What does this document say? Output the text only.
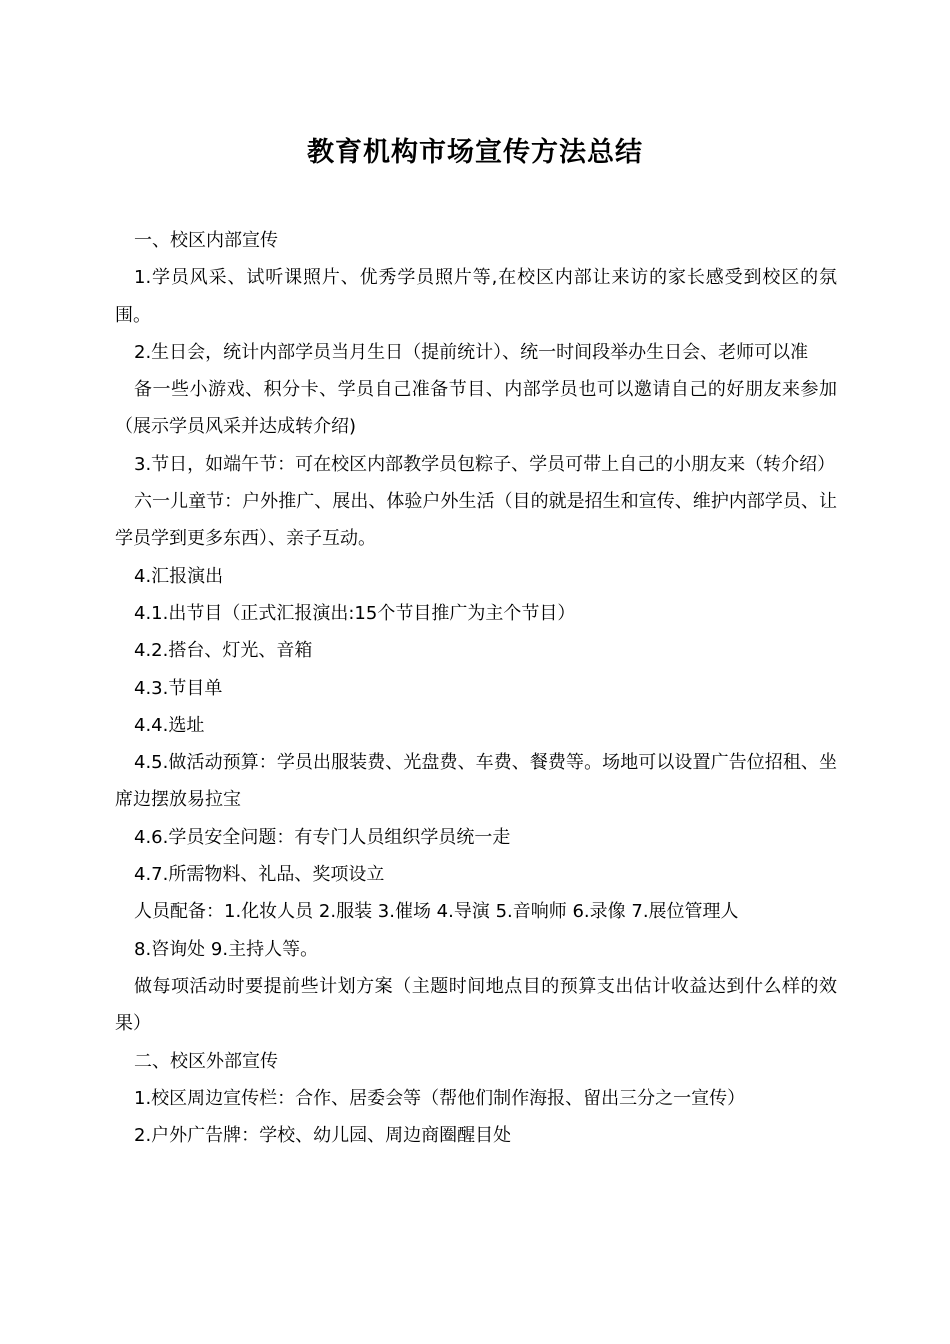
教育机构市场宣传方法总结

一、校区内部宣传

1.学员风采、试听课照片、优秀学员照片等,在校区内部让来访的家长感受到校区的氛围。

2.生日会，统计内部学员当月生日（提前统计）、统一时间段举办生日会、老师可以准

备一些小游戏、积分卡、学员自己准备节目、内部学员也可以邀请自己的好朋友来参加（展示学员风采并达成转介绍)

3.节日，如端午节：可在校区内部教学员包粽子、学员可带上自己的小朋友来（转介绍）

六一儿童节：户外推广、展出、体验户外生活（目的就是招生和宣传、维护内部学员、让学员学到更多东西）、亲子互动。

4.汇报演出

4.1.出节目（正式汇报演出:15个节目推广为主个节目）

4.2.搭台、灯光、音箱

4.3.节目单

4.4.选址

4.5.做活动预算：学员出服装费、光盘费、车费、餐费等。场地可以设置广告位招租、坐席边摆放易拉宝

4.6.学员安全问题：有专门人员组织学员统一走

4.7.所需物料、礼品、奖项设立

人员配备：1.化妆人员 2.服装 3.催场 4.导演 5.音响师 6.录像 7.展位管理人

8.咨询处 9.主持人等。

做每项活动时要提前些计划方案（主题时间地点目的预算支出估计收益达到什么样的效果）

二、校区外部宣传

1.校区周边宣传栏：合作、居委会等（帮他们制作海报、留出三分之一宣传）

2.户外广告牌：学校、幼儿园、周边商圈醒目处
